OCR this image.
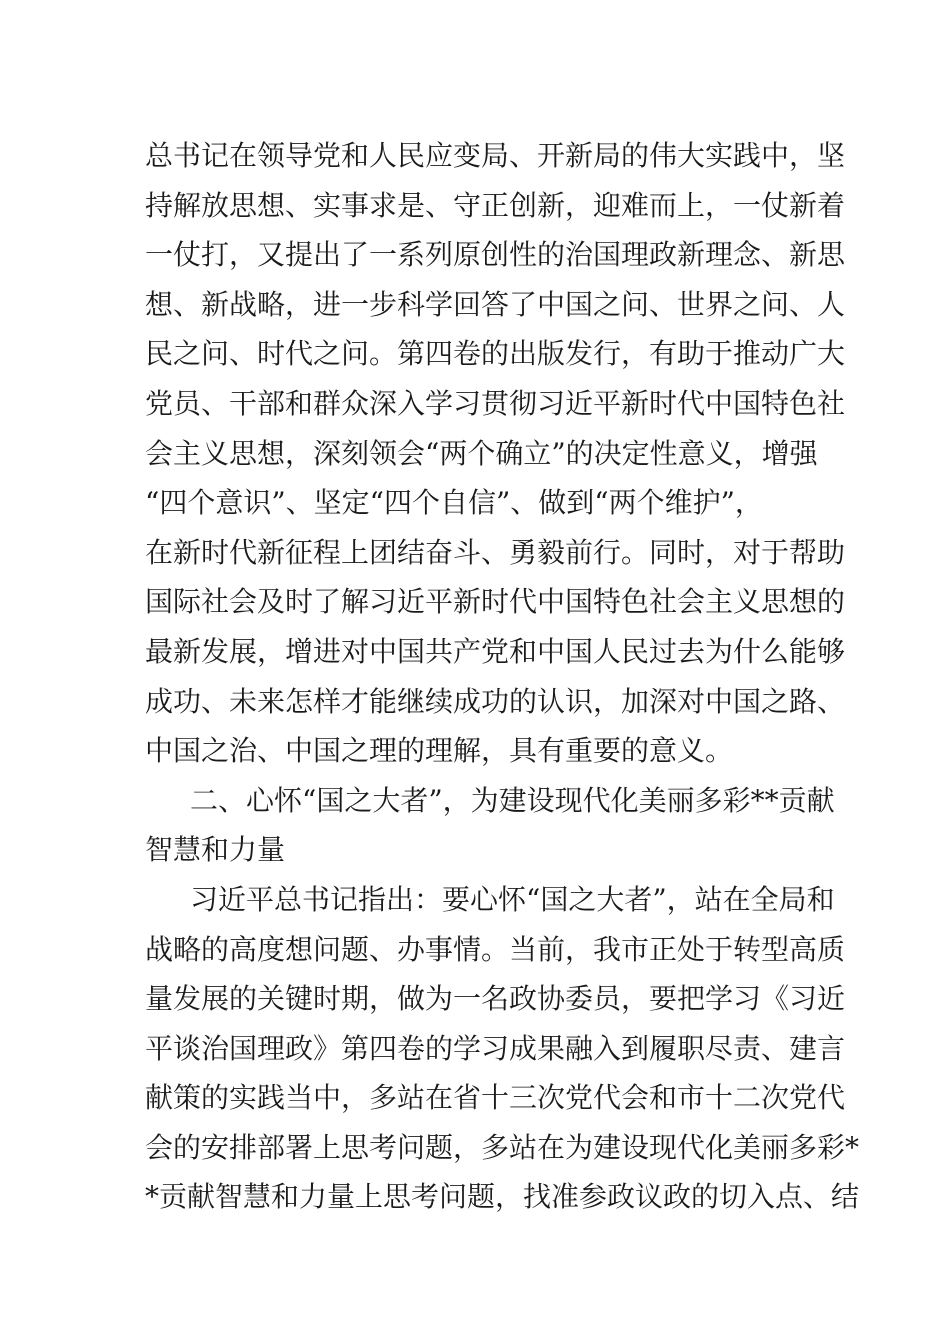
总书记在领导党和人民应变局、开新局的伟大实践中，坚
持解放思想、实事求是、守正创新，迎难而上，一仗新着
一仗打，又提出了一系列原创性的治国理政新理念、新思
想、新战略，进一步科学回答了中国之问、世界之问、人
民之问、时代之问。第四卷的出版发行，有助于推动广大
党员、干部和群众深入学习贯彻习近平新时代中国特色社
会主义思想，深刻领会“两个确立”的决定性意义，增强
“四个意识”、坚定“四个自信”、做到“两个维护”，
在新时代新征程上团结奋斗、勇毅前行。同时，对于帮助
国际社会及时了解习近平新时代中国特色社会主义思想的
最新发展，增进对中国共产党和中国人民过去为什么能够
成功、未来怎样才能继续成功的认识，加深对中国之路、
中国之治、中国之理的理解，具有重要的意义。
二、心怀“国之大者”，为建设现代化美丽多彩**贡献
智慧和力量
习近平总书记指出：要心怀“国之大者”，站在全局和
战略的高度想问题、办事情。当前，我市正处于转型高质
量发展的关键时期，做为一名政协委员，要把学习《习近
平谈治国理政》第四卷的学习成果融入到履职尽责、建言
献策的实践当中，多站在省十三次党代会和市十二次党代
会的安排部署上思考问题，多站在为建设现代化美丽多彩*
*贡献智慧和力量上思考问题，找准参政议政的切入点、结
